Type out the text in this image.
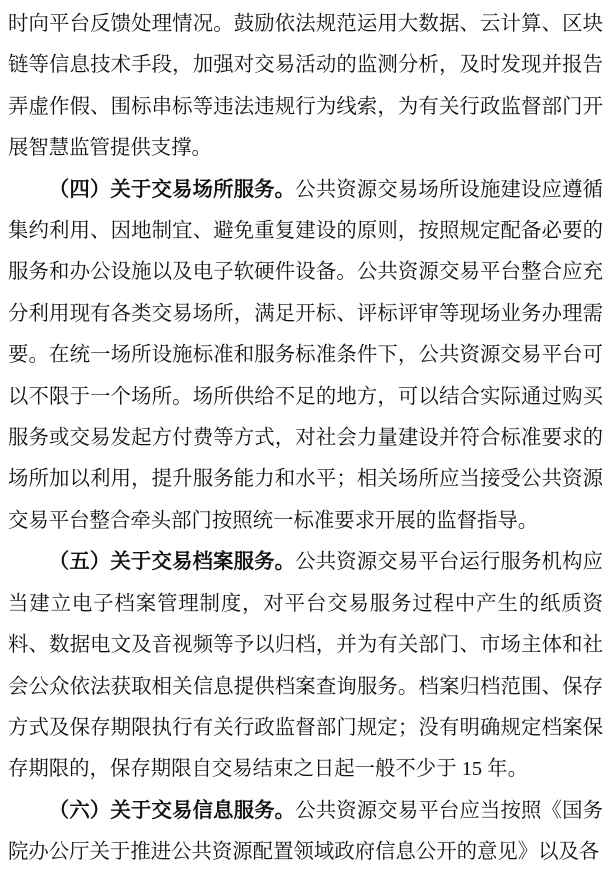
时向平台反馈处理情况。鼓励依法规范运用大数据、云计算、区块链等信息技术手段，加强对交易活动的监测分析，及时发现并报告弄虚作假、围标串标等违法违规行为线索，为有关行政监督部门开展智慧监管提供支撑。

（四）关于交易场所服务。公共资源交易场所设施建设应遵循集约利用、因地制宜、避免重复建设的原则，按照规定配备必要的服务和办公设施以及电子软硬件设备。公共资源交易平台整合应充分利用现有各类交易场所，满足开标、评标评审等现场业务办理需要。在统一场所设施标准和服务标准条件下，公共资源交易平台可以不限于一个场所。场所供给不足的地方，可以结合实际通过购买服务或交易发起方付费等方式，对社会力量建设并符合标准要求的场所加以利用，提升服务能力和水平；相关场所应当接受公共资源交易平台整合牵头部门按照统一标准要求开展的监督指导。

（五）关于交易档案服务。公共资源交易平台运行服务机构应当建立电子档案管理制度，对平台交易服务过程中产生的纸质资料、数据电文及音视频等予以归档，并为有关部门、市场主体和社会公众依法获取相关信息提供档案查询服务。档案归档范围、保存方式及保存期限执行有关行政监督部门规定；没有明确规定档案保存期限的，保存期限自交易结束之日起一般不少于 15 年。

（六）关于交易信息服务。公共资源交易平台应当按照《国务院办公厅关于推进公共资源配置领域政府信息公开的意见》以及各
